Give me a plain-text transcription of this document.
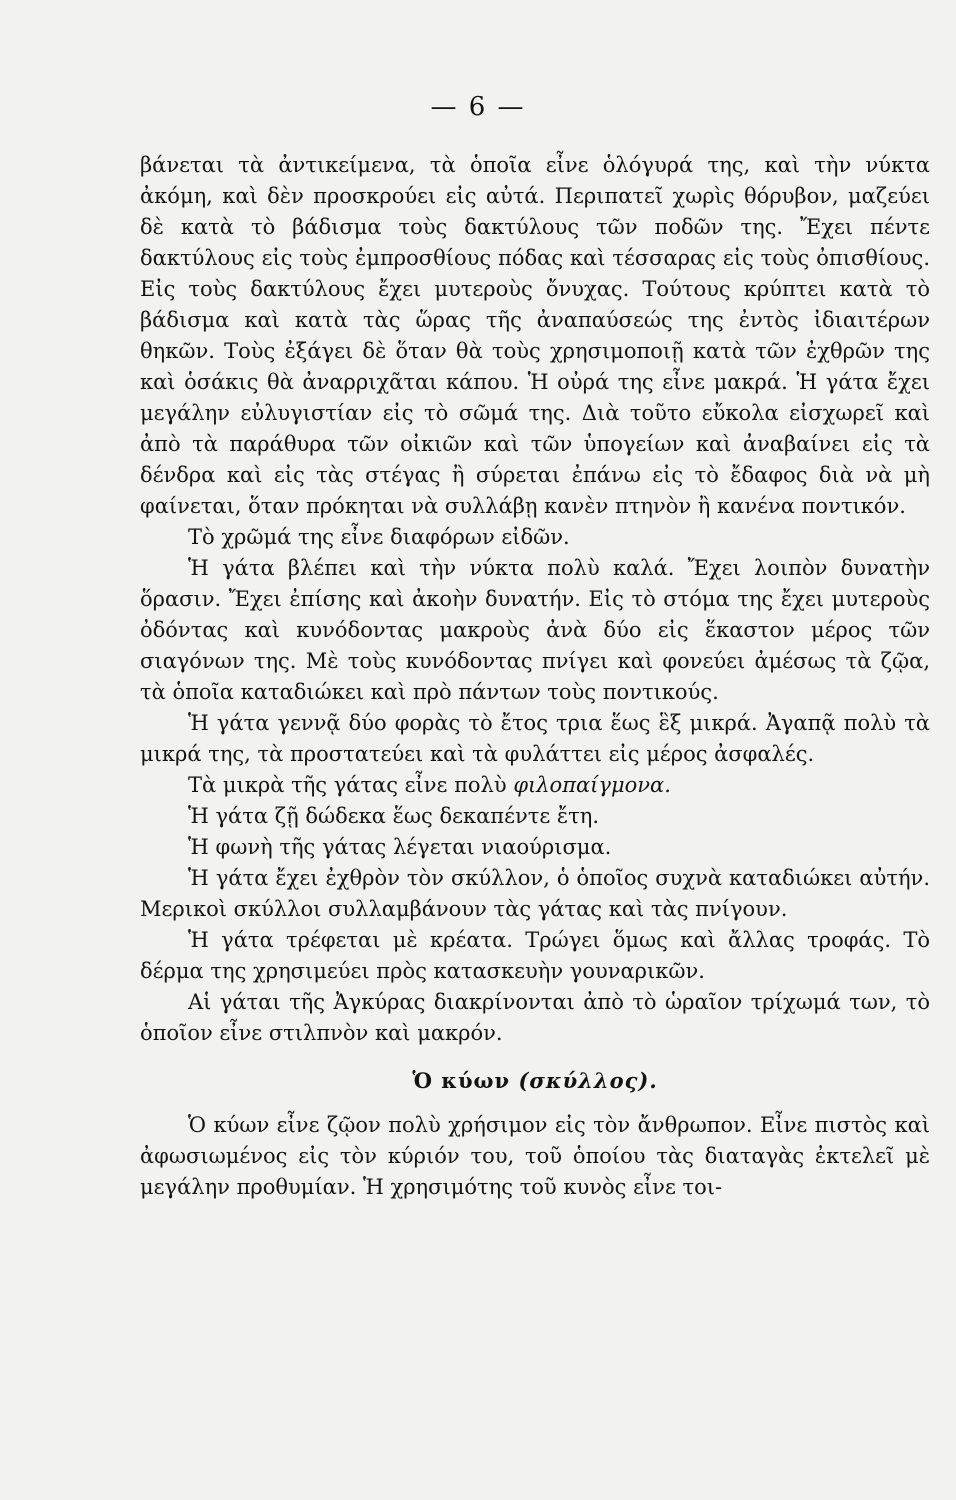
— 6 —

βάνεται τὰ ἀντικείμενα, τὰ ὁποῖα εἶνε ὁλόγυρά της, καὶ τὴν νύκτα ἀκόμη, καὶ δὲν προσκρούει εἰς αὐτά. Περιπατεῖ χωρὶς θόρυβον, μαζεύει δὲ κατὰ τὸ βάδισμα τοὺς δακτύλους τῶν ποδῶν της. Ἔχει πέντε δακτύλους εἰς τοὺς ἐμπροσθίους πόδας καὶ τέσσαρας εἰς τοὺς ὀπισθίους. Εἰς τοὺς δακτύλους ἔχει μυτεροὺς ὄνυχας. Τούτους κρύπτει κατὰ τὸ βάδισμα καὶ κατὰ τὰς ὥρας τῆς ἀναπαύσεώς της ἐντὸς ἰδιαιτέρων θηκῶν. Τοὺς ἐξάγει δὲ ὅταν θὰ τοὺς χρησιμοποιῇ κατὰ τῶν ἐχθρῶν της καὶ ὁσάκις θὰ ἀναρριχᾶται κάπου. Ἡ οὐρά της εἶνε μακρά. Ἡ γάτα ἔχει μεγάλην εὐλυγιστίαν εἰς τὸ σῶμά της. Διὰ τοῦτο εὔκολα εἰσχωρεῖ καὶ ἀπὸ τὰ παράθυρα τῶν οἰκιῶν καὶ τῶν ὑπογείων καὶ ἀναβαίνει εἰς τὰ δένδρα καὶ εἰς τὰς στέγας ἢ σύρεται ἐπάνω εἰς τὸ ἔδαφος διὰ νὰ μὴ φαίνεται, ὅταν πρόκηται νὰ συλλάβῃ κανὲν πτηνὸν ἢ κανένα ποντικόν.

Τὸ χρῶμά της εἶνε διαφόρων εἰδῶν.

Ἡ γάτα βλέπει καὶ τὴν νύκτα πολὺ καλά. Ἔχει λοιπὸν δυνατὴν ὅρασιν. Ἔχει ἐπίσης καὶ ἀκοὴν δυνατήν. Εἰς τὸ στόμα της ἔχει μυτεροὺς ὀδόντας καὶ κυνόδοντας μακροὺς ἀνὰ δύο εἰς ἕκαστον μέρος τῶν σιαγόνων της. Μὲ τοὺς κυνόδοντας πνίγει καὶ φονεύει ἀμέσως τὰ ζῷα, τὰ ὁποῖα καταδιώκει καὶ πρὸ πάντων τοὺς ποντικούς.

Ἡ γάτα γεννᾷ δύο φορὰς τὸ ἔτος τρια ἕως ἓξ μικρά. Ἀγαπᾷ πολὺ τὰ μικρά της, τὰ προστατεύει καὶ τὰ φυλάττει εἰς μέρος ἀσφαλές.

Τὰ μικρὰ τῆς γάτας εἶνε πολὺ φιλοπαίγμονα.

Ἡ γάτα ζῇ δώδεκα ἕως δεκαπέντε ἔτη.

Ἡ φωνὴ τῆς γάτας λέγεται νιαούρισμα.

Ἡ γάτα ἔχει ἐχθρὸν τὸν σκύλλον, ὁ ὁποῖος συχνὰ καταδιώκει αὐτήν. Μερικοὶ σκύλλοι συλλαμβάνουν τὰς γάτας καὶ τὰς πνίγουν.

Ἡ γάτα τρέφεται μὲ κρέατα. Τρώγει ὅμως καὶ ἄλλας τροφάς. Τὸ δέρμα της χρησιμεύει πρὸς κατασκευὴν γουναρικῶν.

Αἱ γάται τῆς Ἀγκύρας διακρίνονται ἀπὸ τὸ ὡραῖον τρίχωμά των, τὸ ὁποῖον εἶνε στιλπνὸν καὶ μακρόν.

Ὁ κύων (σκύλλος).

Ὁ κύων εἶνε ζῷον πολὺ χρήσιμον εἰς τὸν ἄνθρωπον. Εἶνε πιστὸς καὶ ἀφωσιωμένος εἰς τὸν κύριόν του, τοῦ ὁποίου τὰς διαταγὰς ἐκτελεῖ μὲ μεγάλην προθυμίαν. Ἡ χρησιμότης τοῦ κυνὸς εἶνε τοι-
